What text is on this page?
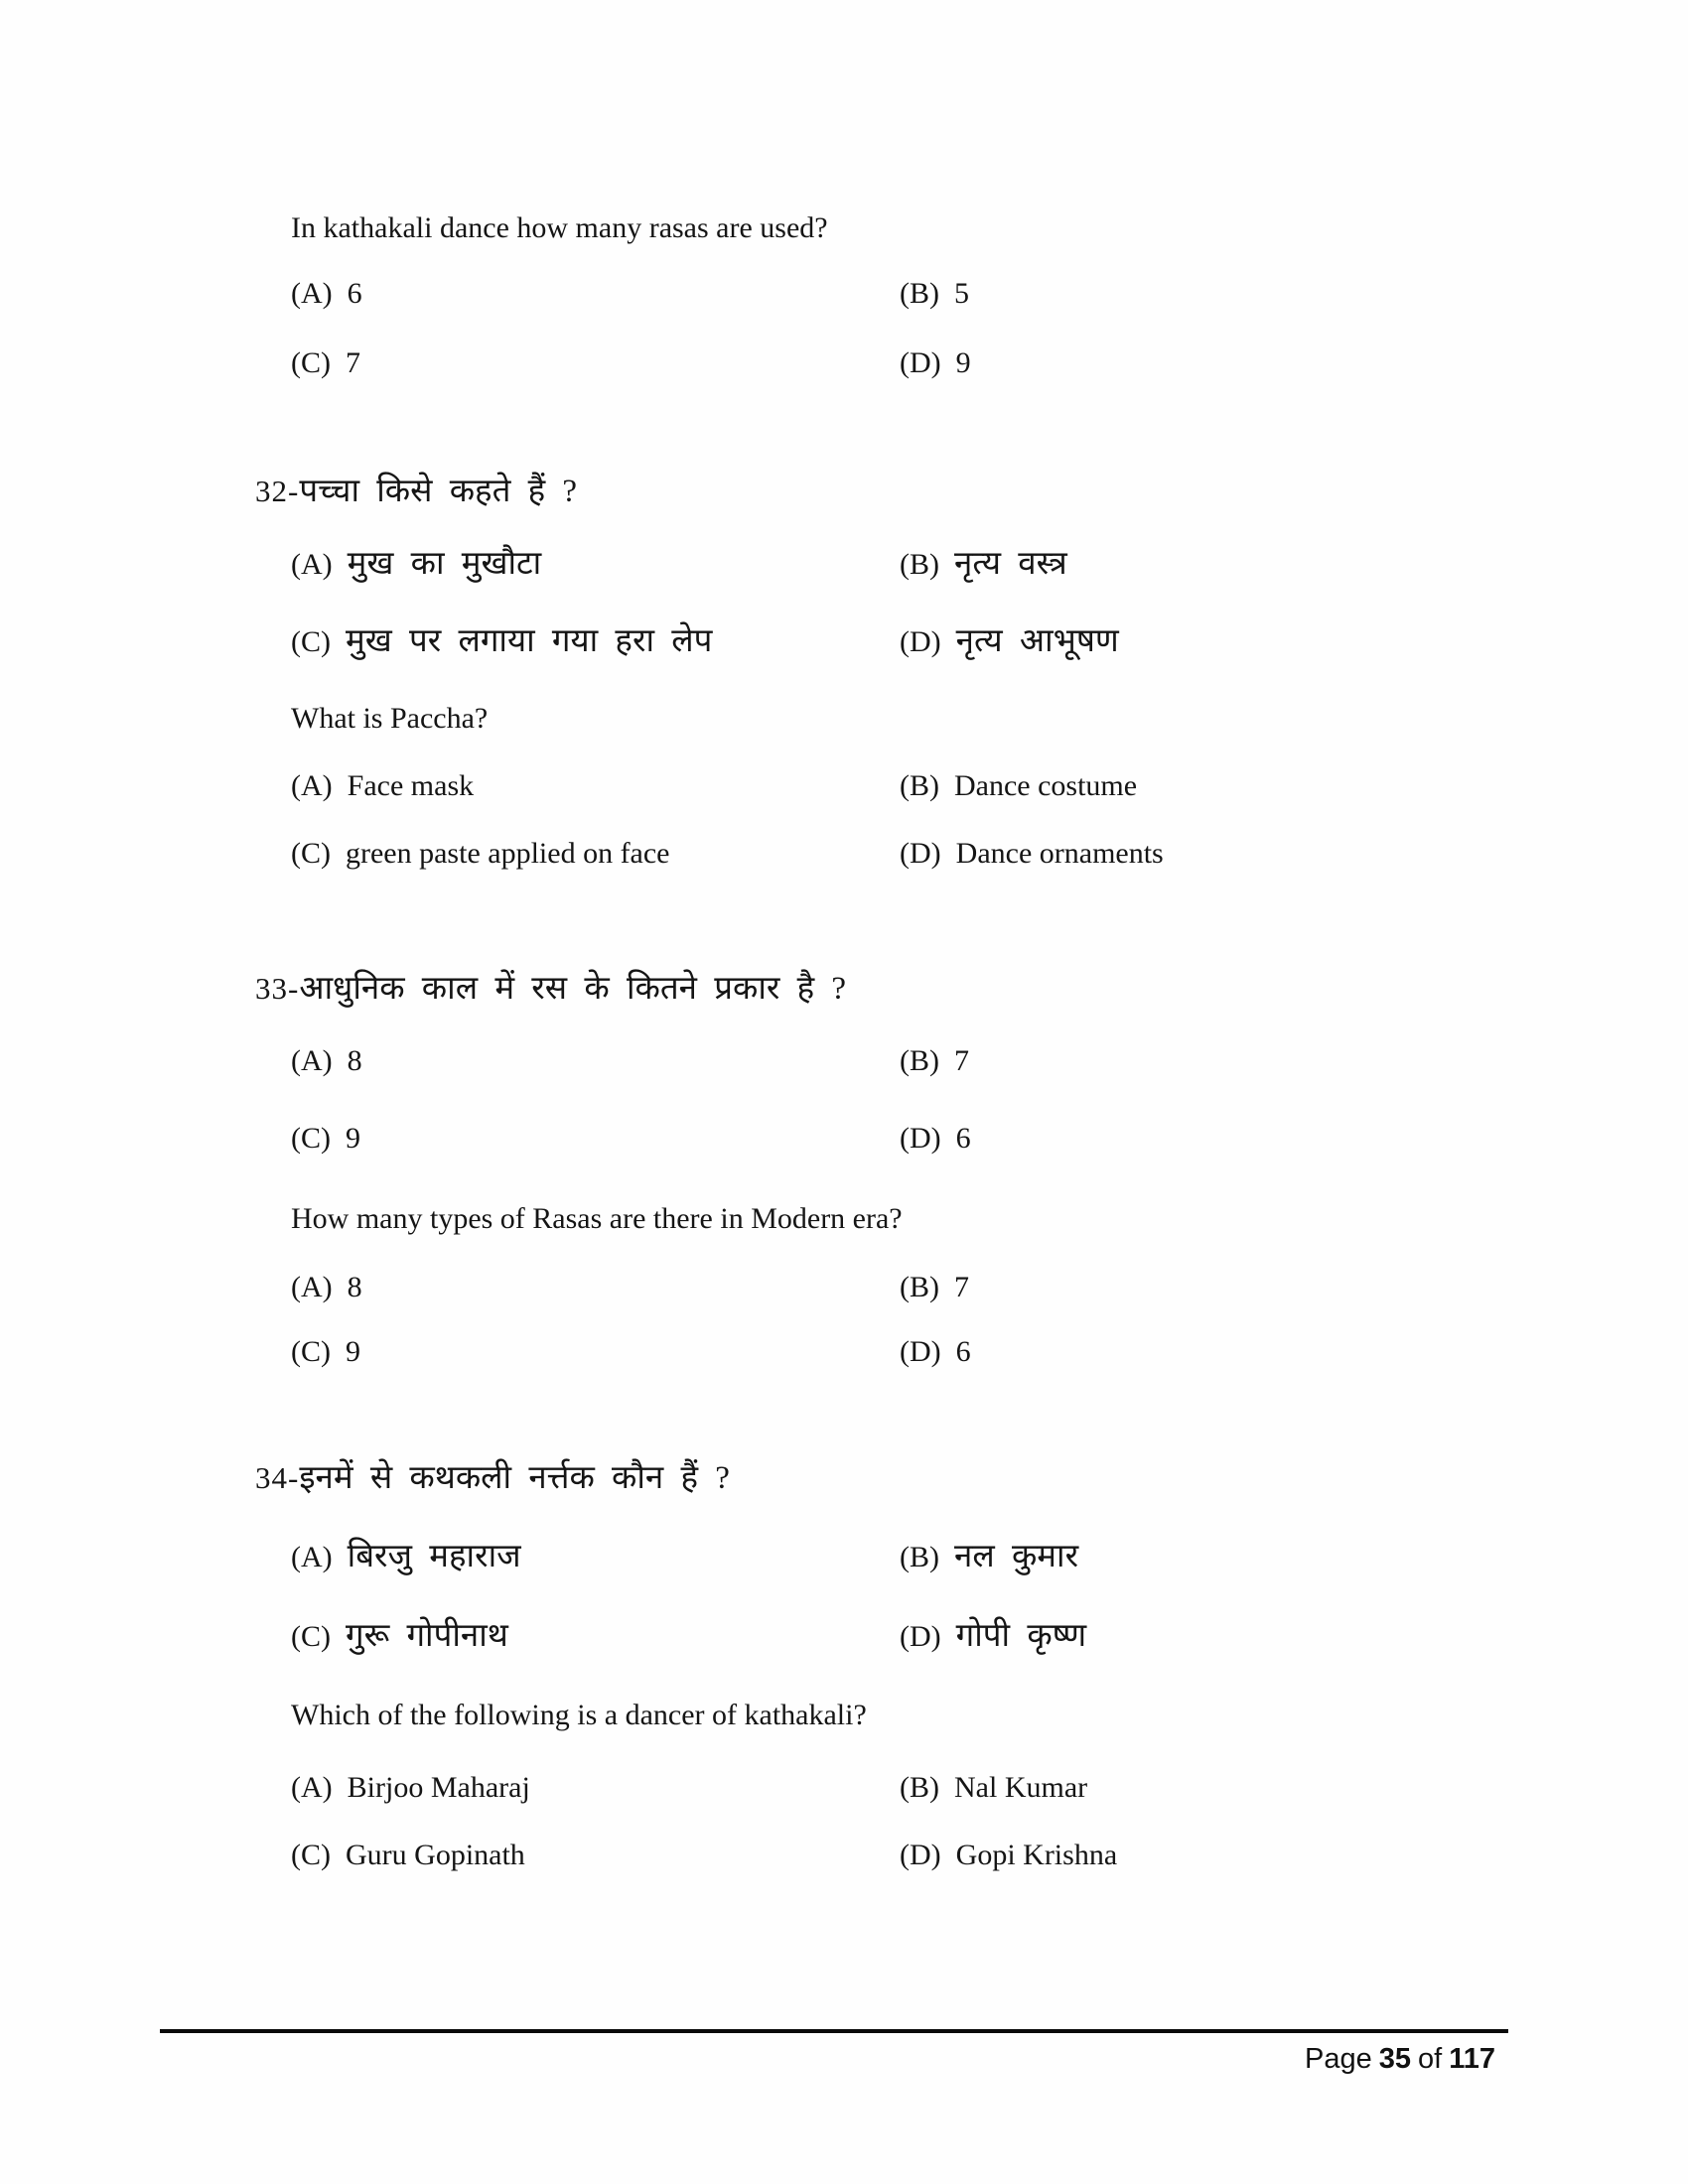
In kathakali dance how many rasas are used?
(A) 6	(B) 5
(C) 7	(D) 9
32-पच्चा किसे कहते हैं ?
(A) मुख का मुखौटा	(B) नृत्य वस्त्र
(C) मुख पर लगाया गया हरा लेप	(D) नृत्य आभूषण
What is Paccha?
(A) Face mask	(B) Dance costume
(C) green paste applied on face	(D) Dance ornaments
33-आधुनिक काल में रस के कितने प्रकार है ?
(A) 8	(B) 7
(C) 9	(D) 6
How many types of Rasas are there in Modern era?
(A) 8	(B) 7
(C) 9	(D) 6
34-इनमें से कथकली नर्त्तक कौन हैं ?
(A) बिरजु महाराज	(B) नल कुमार
(C) गुरू गोपीनाथ	(D) गोपी कृष्ण
Which of the following is a dancer of kathakali?
(A) Birjoo Maharaj	(B) Nal Kumar
(C) Guru Gopinath	(D) Gopi Krishna
Page 35 of 117
